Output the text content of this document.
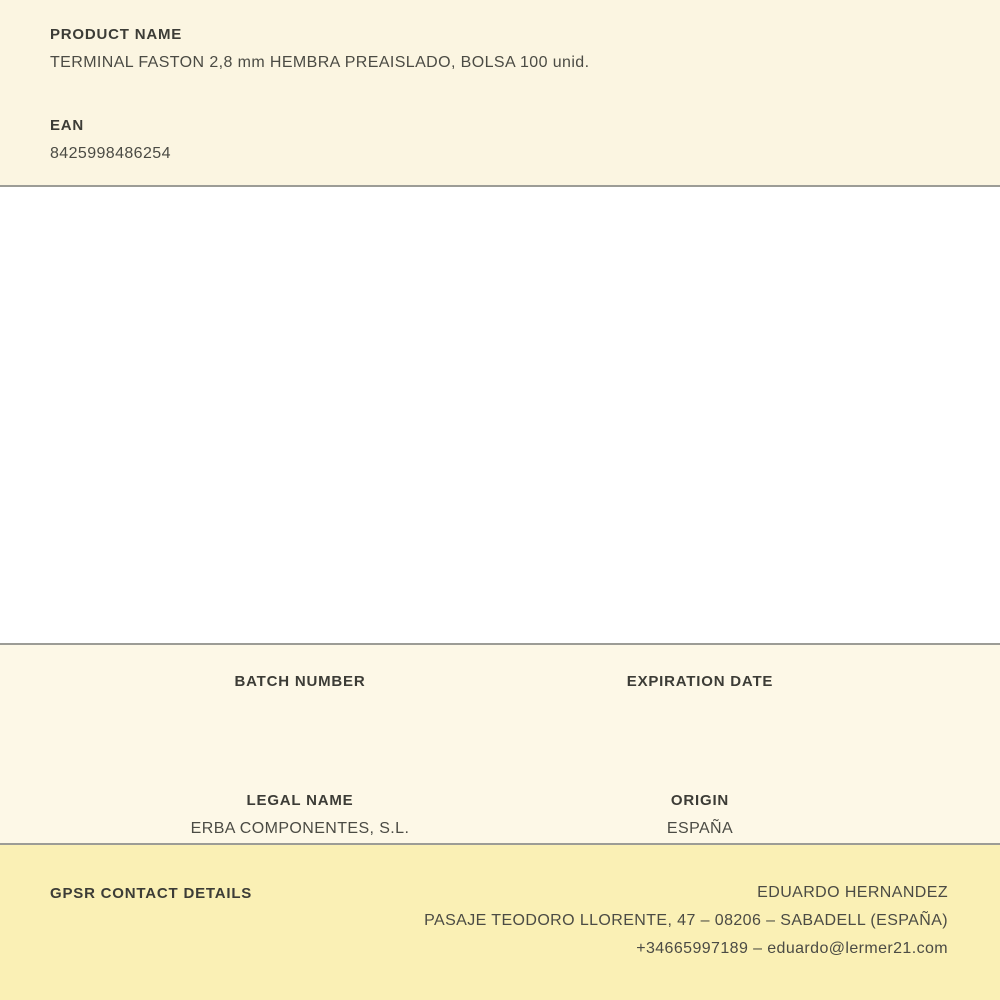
PRODUCT NAME
TERMINAL FASTON 2,8 mm HEMBRA PREAISLADO, BOLSA 100 unid.
EAN
8425998486254
BATCH NUMBER	EXPIRATION DATE
LEGAL NAME
ERBA COMPONENTES, S.L.
ORIGIN
ESPAÑA
GPSR CONTACT DETAILS	EDUARDO HERNANDEZ
PASAJE TEODORO LLORENTE, 47 – 08206 – SABADELL (ESPAÑA)
+34665997189 – eduardo@lermer21.com
